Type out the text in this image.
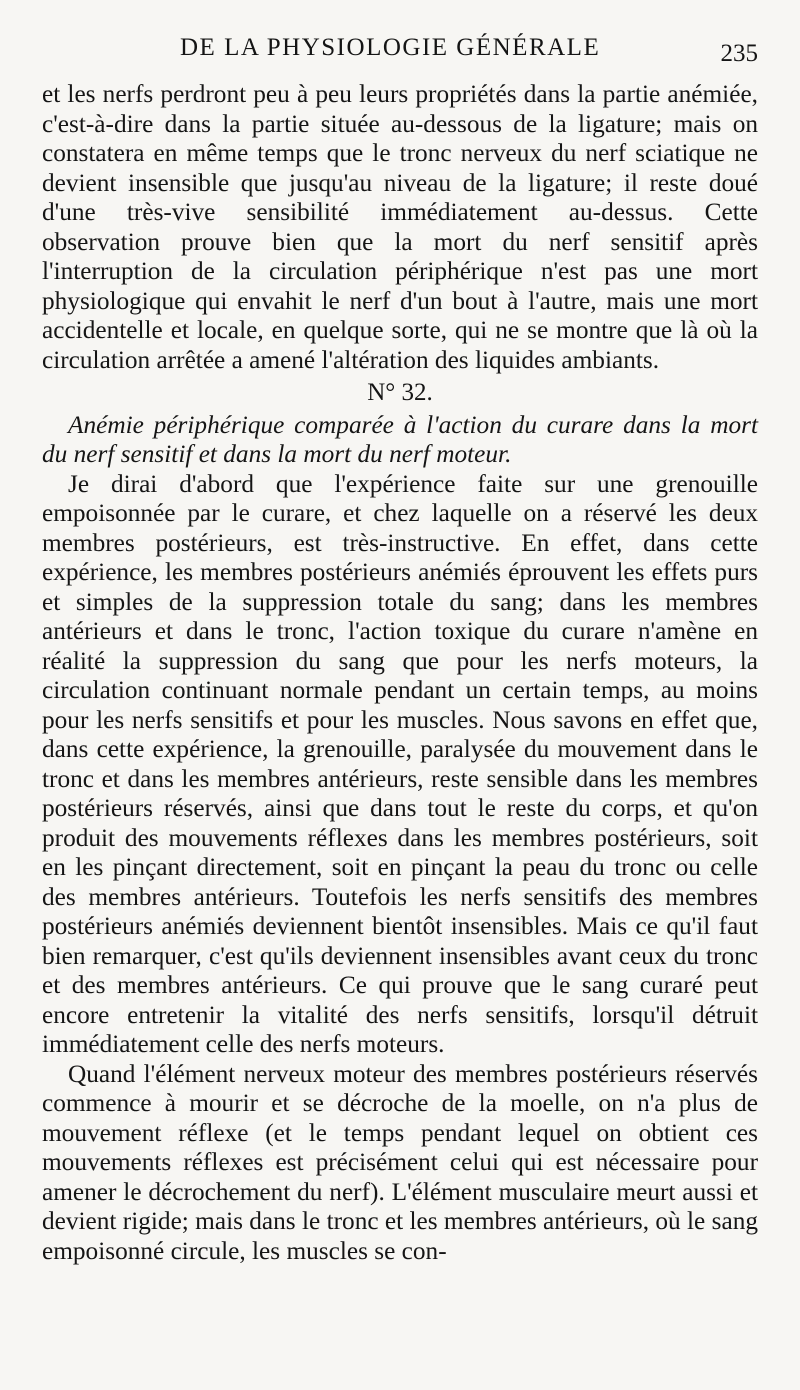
DE LA PHYSIOLOGIE GÉNÉRALE	235

et les nerfs perdront peu à peu leurs propriétés dans la partie anémiée, c'est-à-dire dans la partie située au-dessous de la ligature; mais on constatera en même temps que le tronc nerveux du nerf sciatique ne devient insensible que jusqu'au niveau de la ligature; il reste doué d'une très-vive sensibilité immédiatement au-dessus. Cette observation prouve bien que la mort du nerf sensitif après l'interruption de la circulation périphérique n'est pas une mort physiologique qui envahit le nerf d'un bout à l'autre, mais une mort accidentelle et locale, en quelque sorte, qui ne se montre que là où la circulation arrêtée a amené l'altération des liquides ambiants.

N° 32.

Anémie périphérique comparée à l'action du curare dans la mort du nerf sensitif et dans la mort du nerf moteur.

Je dirai d'abord que l'expérience faite sur une grenouille empoisonnée par le curare, et chez laquelle on a réservé les deux membres postérieurs, est très-instructive. En effet, dans cette expérience, les membres postérieurs anémiés éprouvent les effets purs et simples de la suppression totale du sang; dans les membres antérieurs et dans le tronc, l'action toxique du curare n'amène en réalité la suppression du sang que pour les nerfs moteurs, la circulation continuant normale pendant un certain temps, au moins pour les nerfs sensitifs et pour les muscles. Nous savons en effet que, dans cette expérience, la grenouille, paralysée du mouvement dans le tronc et dans les membres antérieurs, reste sensible dans les membres postérieurs réservés, ainsi que dans tout le reste du corps, et qu'on produit des mouvements réflexes dans les membres postérieurs, soit en les pinçant directement, soit en pinçant la peau du tronc ou celle des membres antérieurs. Toutefois les nerfs sensitifs des membres postérieurs anémiés deviennent bientôt insensibles. Mais ce qu'il faut bien remarquer, c'est qu'ils deviennent insensibles avant ceux du tronc et des membres antérieurs. Ce qui prouve que le sang curaré peut encore entretenir la vitalité des nerfs sensitifs, lorsqu'il détruit immédiatement celle des nerfs moteurs.

Quand l'élément nerveux moteur des membres postérieurs réservés commence à mourir et se décroche de la moelle, on n'a plus de mouvement réflexe (et le temps pendant lequel on obtient ces mouvements réflexes est précisément celui qui est nécessaire pour amener le décrochement du nerf). L'élément musculaire meurt aussi et devient rigide; mais dans le tronc et les membres antérieurs, où le sang empoisonné circule, les muscles se con-
